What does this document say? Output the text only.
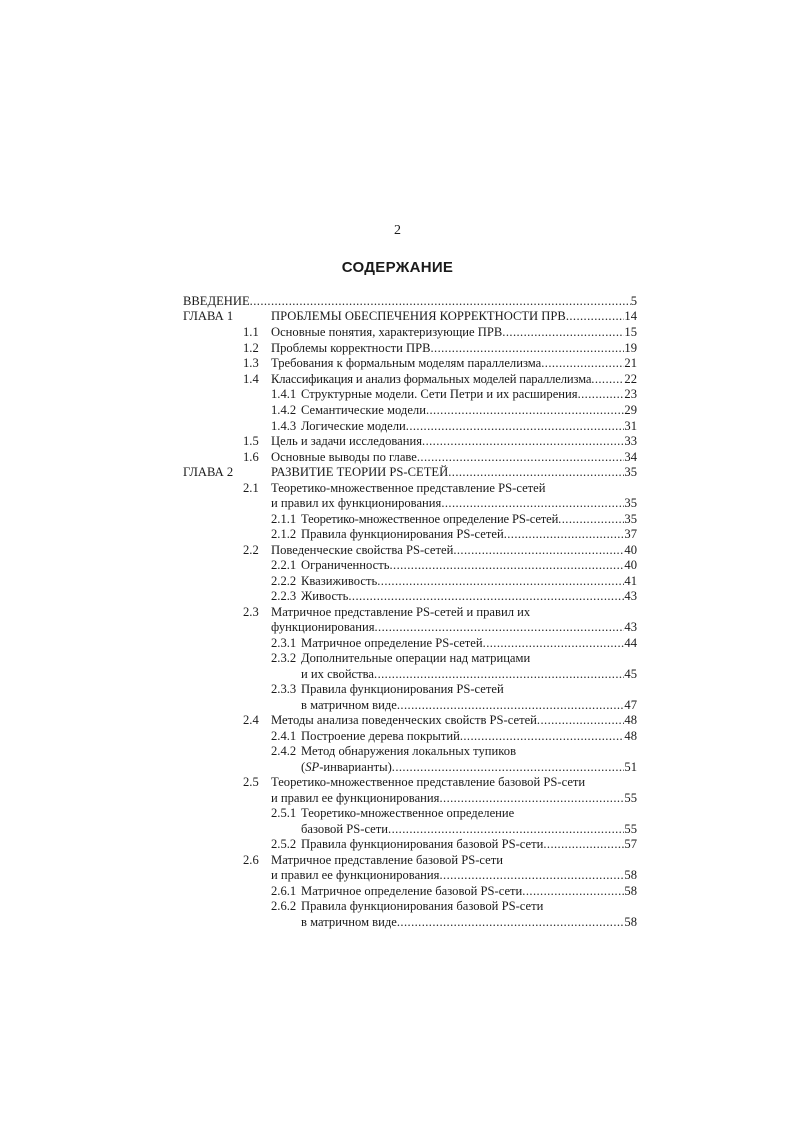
2
СОДЕРЖАНИЕ
ВВЕДЕНИЕ .....	5
ГЛАВА 1	ПРОБЛЕМЫ ОБЕСПЕЧЕНИЯ КОРРЕКТНОСТИ ПРВ .....	14
1.1 Основные понятия, характеризующие ПРВ .....	15
1.2 Проблемы корректности ПРВ .....	19
1.3 Требования к формальным моделям параллелизма .....	21
1.4 Классификация и анализ формальных моделей параллелизма .....	22
1.4.1 Структурные модели. Сети Петри и их расширения .....	23
1.4.2 Семантические модели .....	29
1.4.3 Логические модели .....	31
1.5 Цель и задачи исследования .....	33
1.6 Основные выводы по главе .....	34
ГЛАВА 2	РАЗВИТИЕ ТЕОРИИ PS-СЕТЕЙ .....	35
2.1 Теоретико-множественное представление PS-сетей
и правил их функционирования .....	35
2.1.1 Теоретико-множественное определение PS-сетей .....	35
2.1.2 Правила функционирования PS-сетей .....	37
2.2 Поведенческие свойства PS-сетей .....	40
2.2.1 Ограниченность .....	40
2.2.2 Квазиживость .....	41
2.2.3 Живость .....	43
2.3 Матричное представление PS-сетей и правил их
функционирования .....	43
2.3.1 Матричное определение PS-сетей .....	44
2.3.2 Дополнительные операции над матрицами
и их свойства .....	45
2.3.3 Правила функционирования PS-сетей
в матричном виде .....	47
2.4 Методы анализа поведенческих свойств PS-сетей .....	48
2.4.1 Построение дерева покрытий .....	48
2.4.2 Метод обнаружения локальных тупиков
(SP-инварианты) .....	51
2.5 Теоретико-множественное представление базовой PS-сети
и правил ее функционирования .....	55
2.5.1 Теоретико-множественное определение
базовой PS-сети .....	55
2.5.2 Правила функционирования базовой PS-сети .....	57
2.6 Матричное представление базовой PS-сети
и правил ее функционирования .....	58
2.6.1 Матричное определение базовой PS-сети .....	58
2.6.2 Правила функционирования базовой PS-сети
в матричном виде .....	58
